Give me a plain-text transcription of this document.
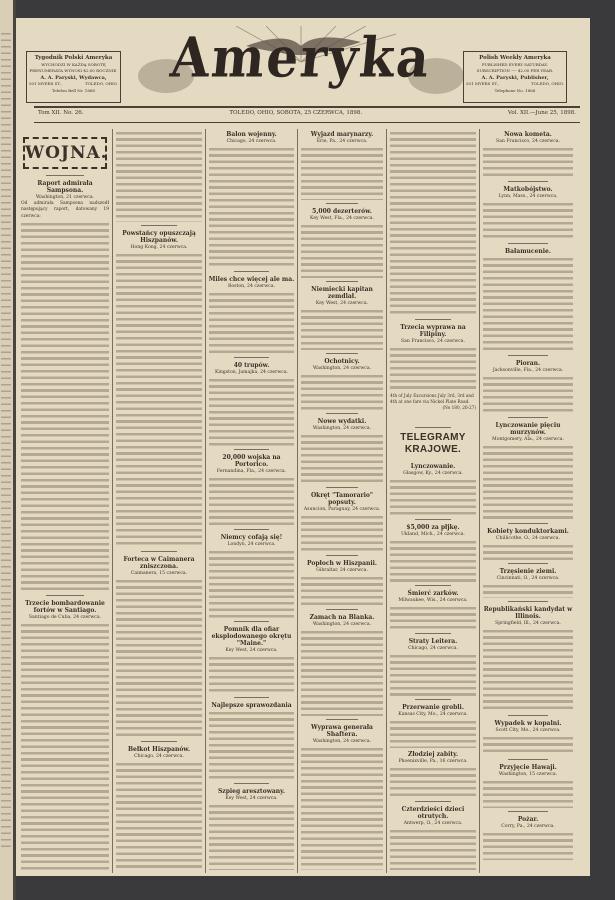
Tygodnik Polski Ameryka
WYCHODZI W KAŻDĄ SOBOTĘ
PRENUMERATA WYNOSI $2.00 ROCZNIE.
A. A. Paryski, Wydawca,
501 MYERS ST.,	TOLEDO, OHIO.
Telefon Bell Nr. 1868
Ameryka	Polish Weekly Ameryka
PUBLISHED EVERY SATURDAY.
SUBSCRIPTION ---- $2.00 PER YEAR.
A. A. Paryski, Publisher,
501 MYERS ST.,	TOLEDO, OHIO.
Telephone No. 1868
Tom XII. No. 26.	TOLEDO, OHIO, SOBOTA, 25 CZERWCA, 1898.	Vol. XII.—June 25, 1898.
WOJNA.
Raport admirała Sampsona.
Washington, 21 czerwca.
Od admirała Sampsona nadszedł następujący raport, datowany 19 czerwca:
Trzecie bombardowanie fortów w Santiago.
Santiago de Cuba, 24 czerwca.
Powstańcy opuszczają Hiszpanów.
Hong Kong, 24 czerwca.
Forteca w Caimanera zniszczona.
Caimanera, 15 czerwca.
Bełkot Hiszpanów.
Chicago, 24 czerwca.
Balon wojenny.
Chicago, 24 czerwca.
Miles chce więcej ale ma.
Boston, 24 czerwca.
40 trupów.
Kingston, Jamajka, 24 czerwca.
20,000 wojska na Portorico.
Fernandina, Fla., 24 czerwca.
Niemcy cofają się!
Londyn, 24 czerwca.
Pomnik dla ofiar eksplodowanego okrętu "Maine."
Key West, 24 czerwca.
Najlepsze sprawozdania
Szpieg aresztowany.
Key West, 24 czerwca.
Wyjazd marynarzy.
Erie, Pa., 24 czerwca.
5,000 dezerterów.
Key West, Fla., 24 czerwca.
Niemiecki kapitan zemdlał.
Key West, 24 czerwca.
Ochotnicy.
Washington, 24 czerwca.
Nowe wydatki.
Washington, 24 czerwca.
Okręt "Tamorario" popsuty.
Asuncion, Paraguay, 24 czerwca.
Popłoch w Hiszpanii.
Gibraltar, 24 czerwca.
Zamach na Blanka.
Washington, 24 czerwca.
Wyprawa generała Shaftera.
Washington, 24 czerwca.
Trzecia wyprawa na Filipiny.
San Francisco, 24 czerwca.
4th of July Excursions July 3rd, 3rd and 4th at one fare via Nickel Plate Road.
(No 180, 26-27)
TELEGRAMY KRAJOWE.
Lynczowanie.
Glasgow, Ky., 24 czerwca.
$5,000 za płjkę.
Ukland, Mich., 24 czerwca.
Śmierć zarków.
Milwaukee, Wis., 24 czerwca.
Straty Leitera.
Chicago, 24 czerwca.
Przerwanie grobli.
Kansas City, Mo., 24 czerwca.
Złodziej zabity.
Phoenixville, Pa., 16 czerwca.
Czterdzieści dzieci otrutych.
Antwerp, O., 24 czerwca.
Nowa kometa.
San Francisco, 24 czerwca.
Matkobójstwo.
Lynn, Mass., 24 czerwca.
Bałamucenie.
Pioran.
Jacksonville, Fla., 24 czerwca.
Lynczowanie pięciu murzynów.
Montgomery, Ala., 24 czerwca.
Kobiety konduktorkami.
Chillicothe, O., 24 czerwca.
Trzęsienie ziemi.
Cincinnati, O., 24 czerwca.
Republikański kandydat w Illinois.
Springfield, Ill., 24 czerwca.
Wypadek w kopalni.
Scott City, Mo., 24 czerwca.
Przyjęcie Hawaji.
Washington, 15 czerwca.
Pożar.
Corry, Pa., 24 czerwca.
